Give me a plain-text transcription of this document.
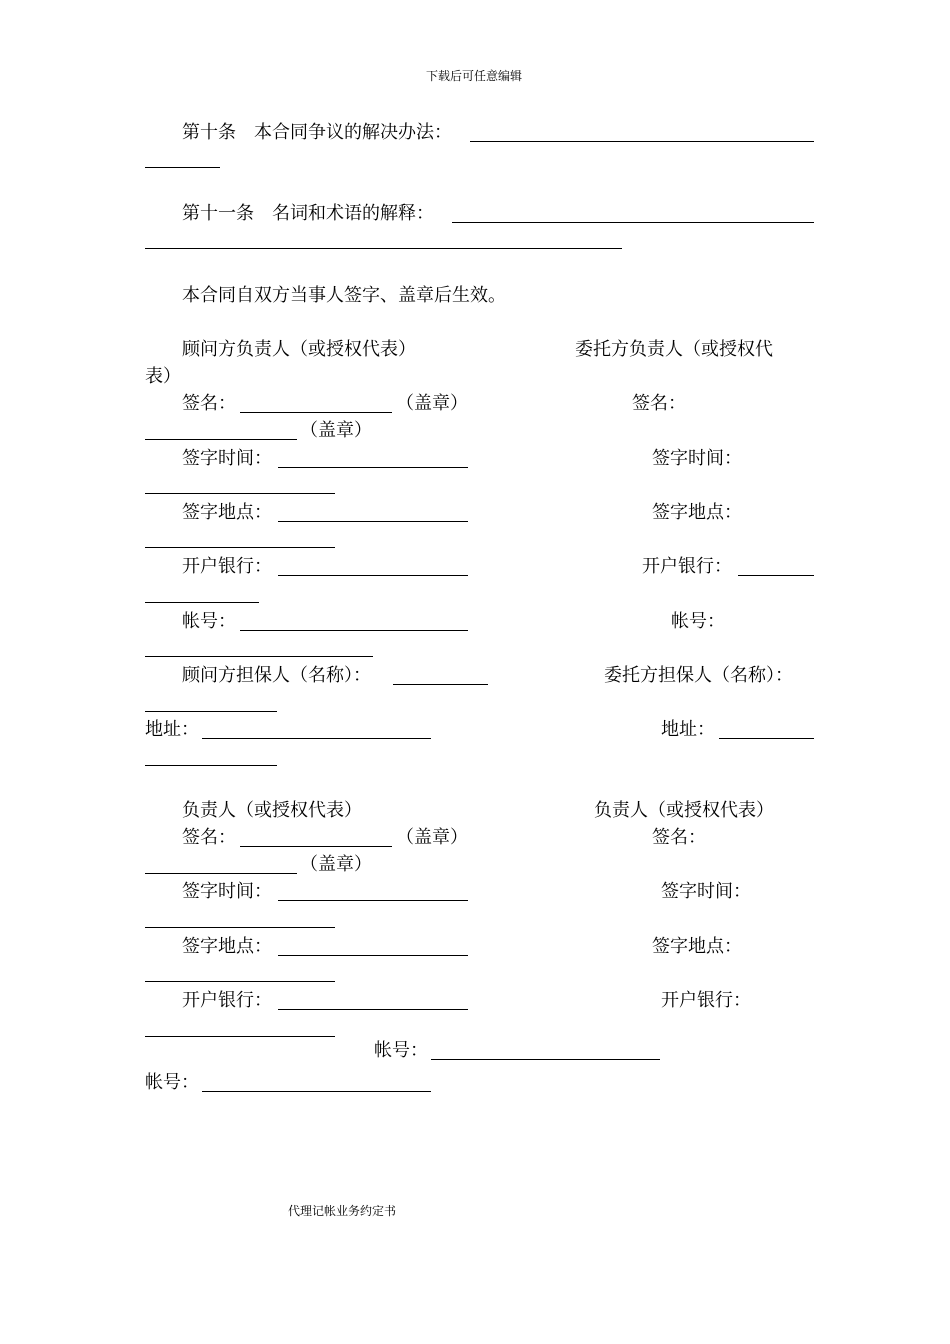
下载后可任意编辑
第十条　本合同争议的解决办法：
第十一条　名词和术语的解释：
本合同自双方当事人签字、盖章后生效。
顾问方负责人（或授权代表）	委托方负责人（或授权代
表）
签名：	（盖章）	签名：
（盖章）
签字时间：	签字时间：
签字地点：	签字地点：
开户银行：	开户银行：
帐号：	帐号：
顾问方担保人（名称）：	委托方担保人（名称）：
地址：	地址：
负责人（或授权代表）	负责人（或授权代表）
签名：	（盖章）	签名：
（盖章）
签字时间：	签字时间：
签字地点：	签字地点：
开户银行：	开户银行：
帐号：
帐号：
代理记帐业务约定书
